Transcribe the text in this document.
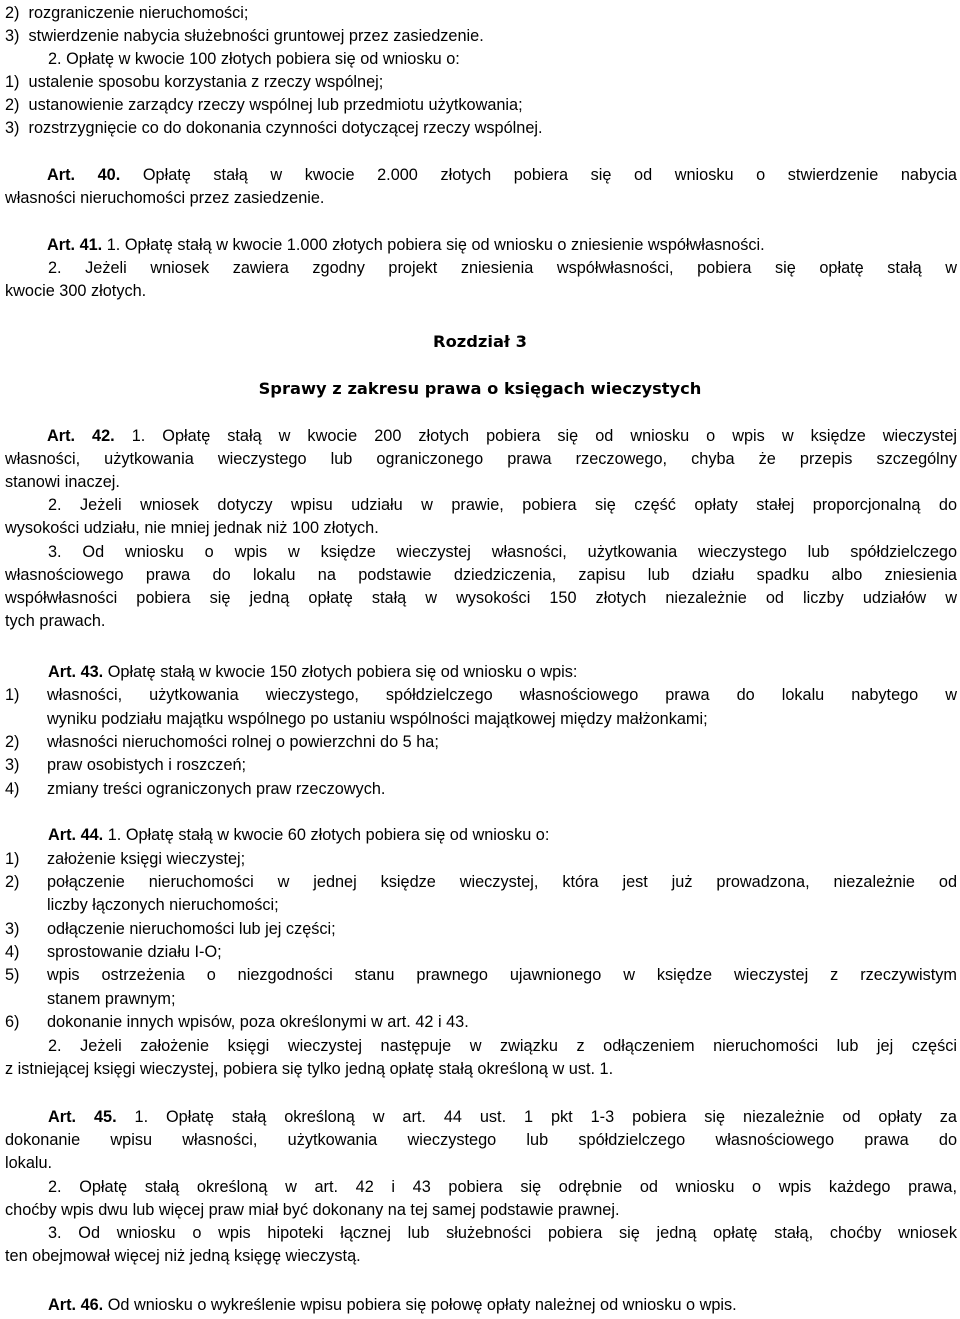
2)  rozgraniczenie nieruchomości;
3)  stwierdzenie nabycia służebności gruntowej przez zasiedzenie.
2. Opłatę w kwocie 100 złotych pobiera się od wniosku o:
1)  ustalenie sposobu korzystania z rzeczy wspólnej;
2)  ustanowienie zarządcy rzeczy wspólnej lub przedmiotu użytkowania;
3)  rozstrzygnięcie co do dokonania czynności dotyczącej rzeczy wspólnej.
Art. 40. Opłatę stałą w kwocie 2.000 złotych pobiera się od wniosku o stwierdzenie nabycia
własności nieruchomości przez zasiedzenie.
Art. 41. 1. Opłatę stałą w kwocie 1.000 złotych pobiera się od wniosku o zniesienie współwłasności.
2. Jeżeli wniosek zawiera zgodny projekt zniesienia współwłasności, pobiera się opłatę stałą w
kwocie 300 złotych.
Rozdział 3
Sprawy z zakresu prawa o księgach wieczystych
Art. 42. 1. Opłatę stałą w kwocie 200 złotych pobiera się od wniosku o wpis w księdze wieczystej
własności, użytkowania wieczystego lub ograniczonego prawa rzeczowego, chyba że przepis szczególny
stanowi inaczej.
2. Jeżeli wniosek dotyczy wpisu udziału w prawie, pobiera się część opłaty stałej proporcjonalną do
wysokości udziału, nie mniej jednak niż 100 złotych.
3. Od wniosku o wpis w księdze wieczystej własności, użytkowania wieczystego lub spółdzielczego
własnościowego prawa do lokalu na podstawie dziedziczenia, zapisu lub działu spadku albo zniesienia
współwłasności pobiera się jedną opłatę stałą w wysokości 150 złotych niezależnie od liczby udziałów w
tych prawach.
Art. 43. Opłatę stałą w kwocie 150 złotych pobiera się od wniosku o wpis:
1) własności, użytkowania wieczystego, spółdzielczego własnościowego prawa do lokalu nabytego w
wyniku podziału majątku wspólnego po ustaniu wspólności majątkowej między małżonkami;
2) własności nieruchomości rolnej o powierzchni do 5 ha;
3) praw osobistych i roszczeń;
4) zmiany treści ograniczonych praw rzeczowych.
Art. 44. 1. Opłatę stałą w kwocie 60 złotych pobiera się od wniosku o:
1) założenie księgi wieczystej;
2) połączenie nieruchomości w jednej księdze wieczystej, która jest już prowadzona, niezależnie od
liczby łączonych nieruchomości;
3) odłączenie nieruchomości lub jej części;
4) sprostowanie działu I-O;
5) wpis ostrzeżenia o niezgodności stanu prawnego ujawnionego w księdze wieczystej z rzeczywistym
stanem prawnym;
6) dokonanie innych wpisów, poza określonymi w art. 42 i 43.
2. Jeżeli założenie księgi wieczystej następuje w związku z odłączeniem nieruchomości lub jej części
z istniejącej księgi wieczystej, pobiera się tylko jedną opłatę stałą określoną w ust. 1.
Art. 45. 1. Opłatę stałą określoną w art. 44 ust. 1 pkt 1-3 pobiera się niezależnie od opłaty za
dokonanie wpisu własności, użytkowania wieczystego lub spółdzielczego własnościowego prawa do
lokalu.
2. Opłatę stałą określoną w art. 42 i 43 pobiera się odrębnie od wniosku o wpis każdego prawa,
choćby wpis dwu lub więcej praw miał być dokonany na tej samej podstawie prawnej.
3. Od wniosku o wpis hipoteki łącznej lub służebności pobiera się jedną opłatę stałą, choćby wniosek
ten obejmował więcej niż jedną księgę wieczystą.
Art. 46. Od wniosku o wykreślenie wpisu pobiera się połowę opłaty należnej od wniosku o wpis.
